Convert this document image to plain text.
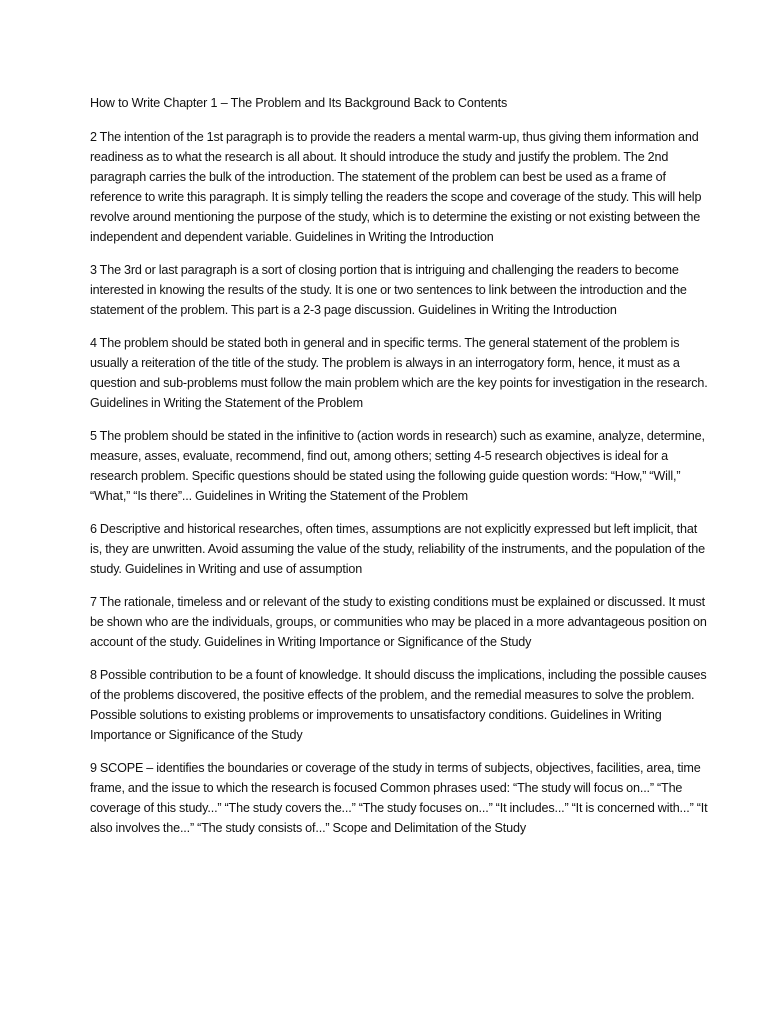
How to Write Chapter 1 – The Problem and Its Background Back to Contents

2 The intention of the 1st paragraph is to provide the readers a mental warm-up, thus giving them information and readiness as to what the research is all about. It should introduce the study and justify the problem. The 2nd paragraph carries the bulk of the introduction. The statement of the problem can best be used as a frame of reference to write this paragraph. It is simply telling the readers the scope and coverage of the study. This will help revolve around mentioning the purpose of the study, which is to determine the existing or not existing between the independent and dependent variable. Guidelines in Writing the Introduction

3 The 3rd or last paragraph is a sort of closing portion that is intriguing and challenging the readers to become interested in knowing the results of the study. It is one or two sentences to link between the introduction and the statement of the problem. This part is a 2-3 page discussion. Guidelines in Writing the Introduction

4 The problem should be stated both in general and in specific terms. The general statement of the problem is usually a reiteration of the title of the study. The problem is always in an interrogatory form, hence, it must as a question and sub-problems must follow the main problem which are the key points for investigation in the research. Guidelines in Writing the Statement of the Problem

5 The problem should be stated in the infinitive to (action words in research) such as examine, analyze, determine, measure, asses, evaluate, recommend, find out, among others; setting 4-5 research objectives is ideal for a research problem. Specific questions should be stated using the following guide question words: “How,” “Will,” “What,” “Is there”... Guidelines in Writing the Statement of the Problem

6 Descriptive and historical researches, often times, assumptions are not explicitly expressed but left implicit, that is, they are unwritten. Avoid assuming the value of the study, reliability of the instruments, and the population of the study. Guidelines in Writing and use of assumption

7 The rationale, timeless and or relevant of the study to existing conditions must be explained or discussed. It must be shown who are the individuals, groups, or communities who may be placed in a more advantageous position on account of the study. Guidelines in Writing Importance or Significance of the Study

8 Possible contribution to be a fount of knowledge. It should discuss the implications, including the possible causes of the problems discovered, the positive effects of the problem, and the remedial measures to solve the problem. Possible solutions to existing problems or improvements to unsatisfactory conditions. Guidelines in Writing Importance or Significance of the Study

9 SCOPE – identifies the boundaries or coverage of the study in terms of subjects, objectives, facilities, area, time frame, and the issue to which the research is focused Common phrases used: “The study will focus on...” “The coverage of this study...” “The study covers the...” “The study focuses on...” “It includes...” “It is concerned with...” “It also involves the...” “The study consists of...” Scope and Delimitation of the Study
